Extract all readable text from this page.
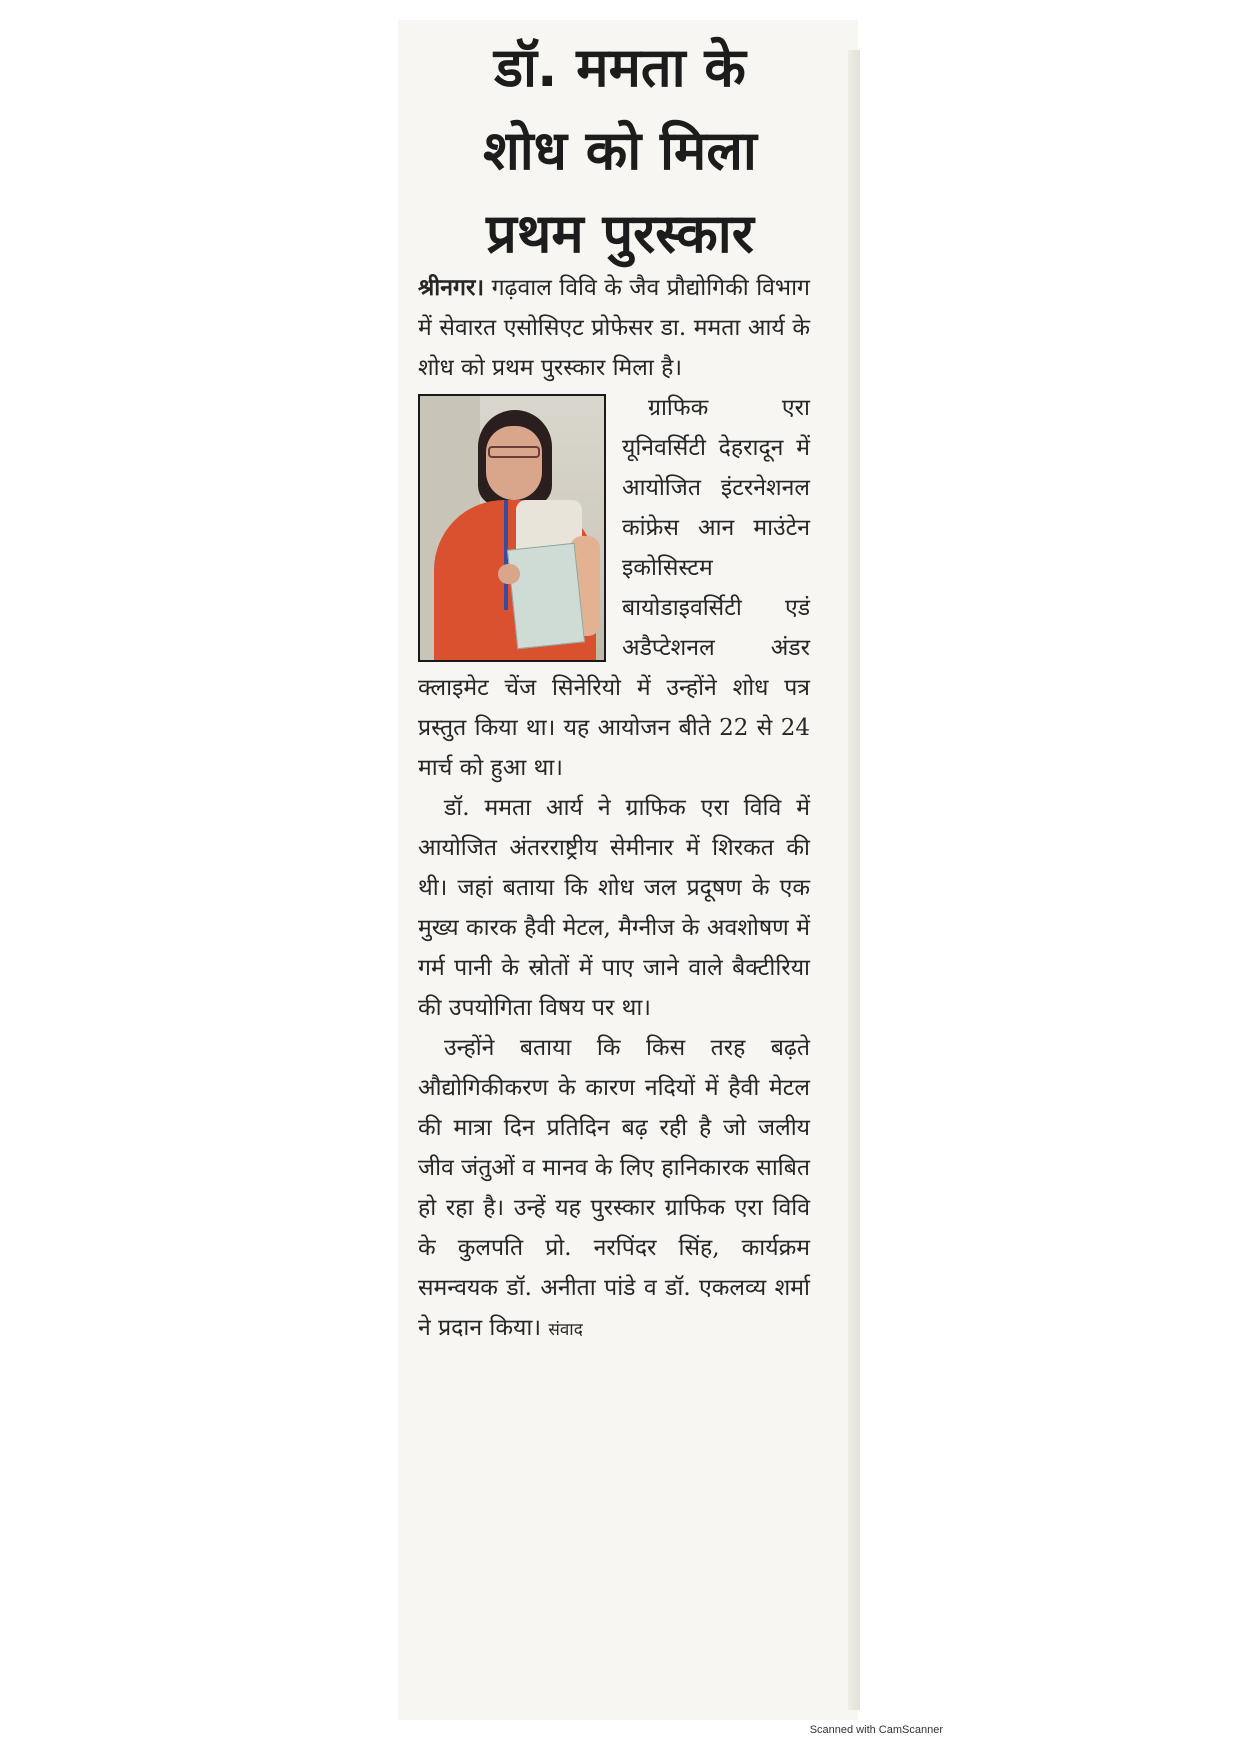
डॉ. ममता के
शोध को मिला
प्रथम पुरस्कार

श्रीनगर। गढ़वाल विवि के जैव प्रौद्योगिकी विभाग में सेवारत एसोसिएट प्रोफेसर डा. ममता आर्य के शोध को प्रथम पुरस्कार मिला है।

ग्राफिक एरा यूनिवर्सिटी देहरादून में आयोजित इंटरनेशनल कांफ्रेस आन माउंटेन इकोसिस्टम बायोडाइवर्सिटी एडं अडैप्टेशनल अंडर क्लाइमेट चेंज सिनेरियो में उन्होंने शोध पत्र प्रस्तुत किया था। यह आयोजन बीते 22 से 24 मार्च को हुआ था।

डॉ. ममता आर्य ने ग्राफिक एरा विवि में आयोजित अंतरराष्ट्रीय सेमीनार में शिरकत की थी। जहां बताया कि शोध जल प्रदूषण के एक मुख्य कारक हैवी मेटल, मैग्नीज के अवशोषण में गर्म पानी के स्रोतों में पाए जाने वाले बैक्टीरिया की उपयोगिता विषय पर था।

उन्होंने बताया कि किस तरह बढ़ते औद्योगिकीकरण के कारण नदियों में हैवी मेटल की मात्रा दिन प्रतिदिन बढ़ रही है जो जलीय जीव जंतुओं व मानव के लिए हानिकारक साबित हो रहा है। उन्हें यह पुरस्कार ग्राफिक एरा विवि के कुलपति प्रो. नरपिंदर सिंह, कार्यक्रम समन्वयक डॉ. अनीता पांडे व डॉ. एकलव्य शर्मा ने प्रदान किया। संवाद

Scanned with CamScanner
